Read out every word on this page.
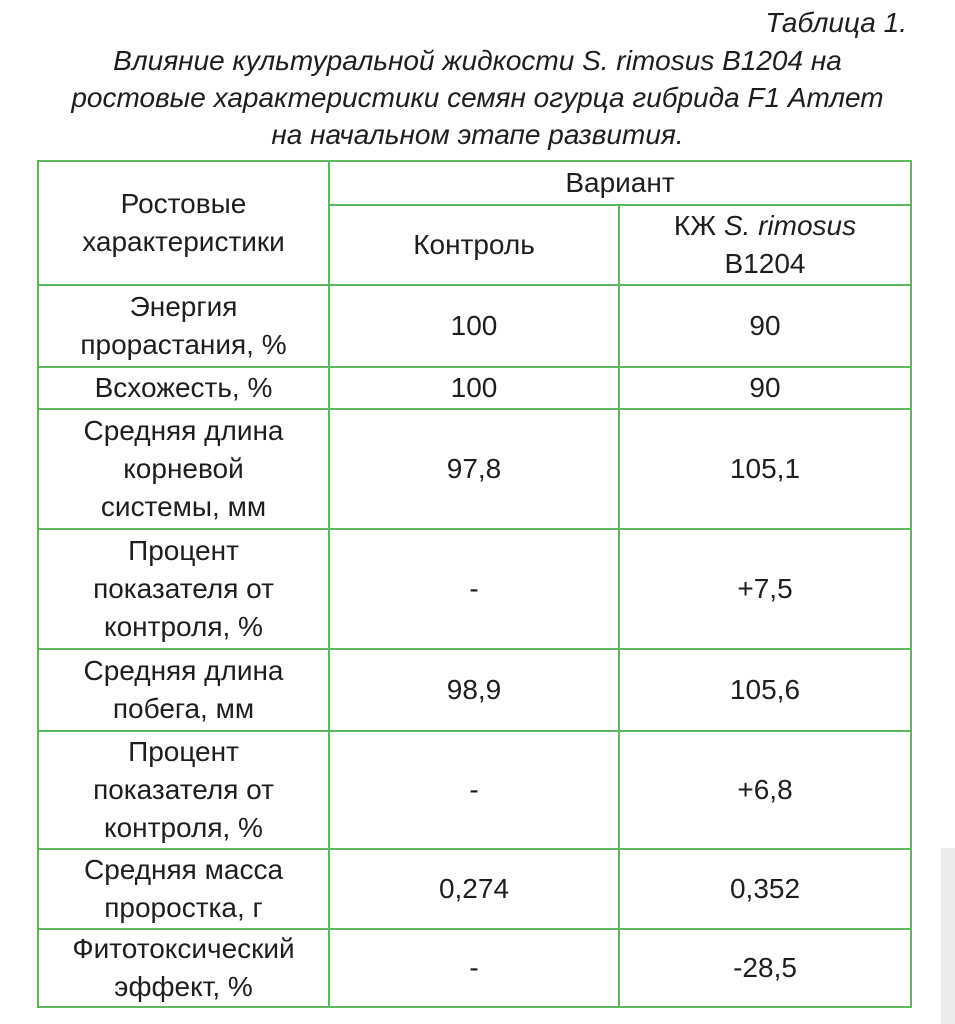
Таблица 1.
Влияние культуральной жидкости S. rimosus B1204 на
ростовые характеристики семян огурца гибрида F1 Атлет
на начальном этапе развития.
Ростовые
характеристики	Вариант	
	Контроль	КЖ S. rimosus
B1204

Энергия
прорастания, %	100	90

Всхожесть, %	100	90

Средняя длина
корневой
системы, мм	97,8	105,1

Процент
показателя от
контроля, %	-	+7,5

Средняя длина
побега, мм	98,9	105,6

Процент
показателя от
контроля, %	-	+6,8

Средняя масса
проростка, г	0,274	0,352

Фитотоксический
эффект, %	-	-28,5
